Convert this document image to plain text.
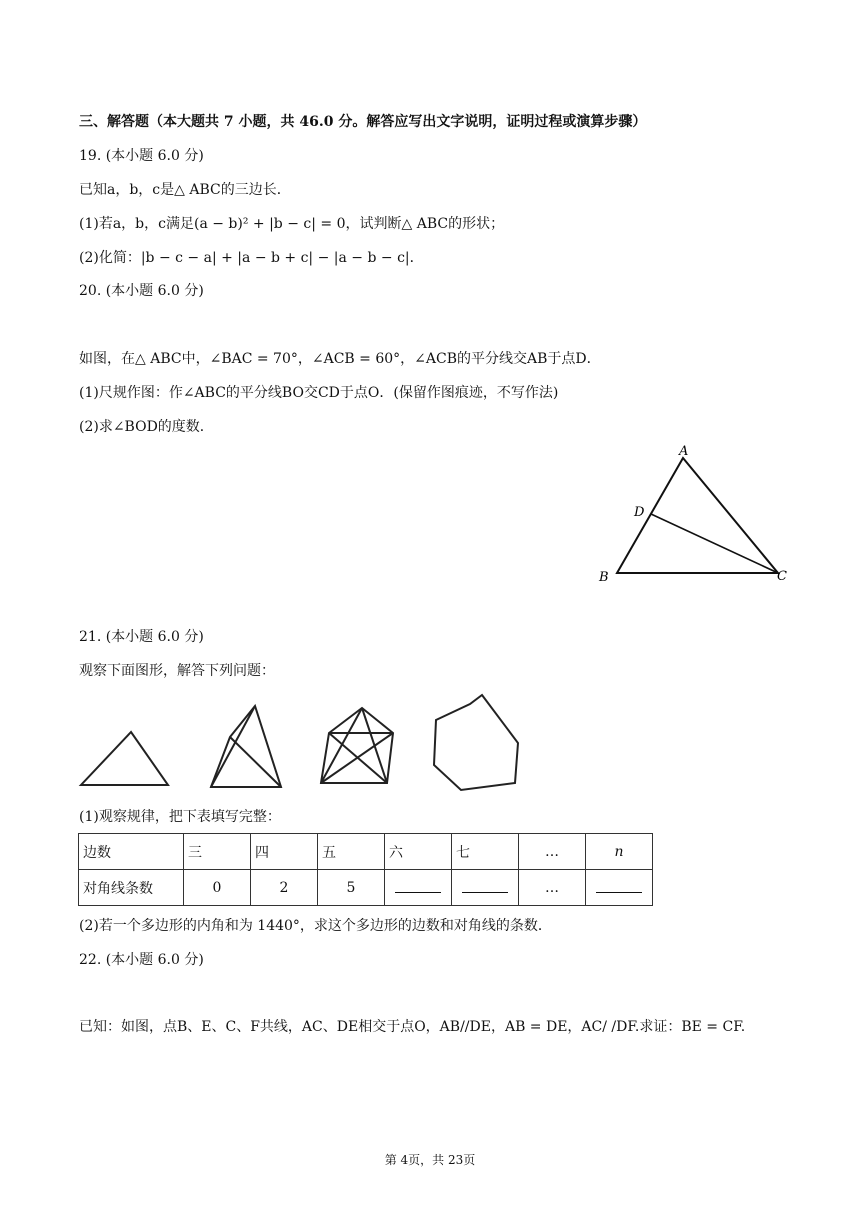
三、解答题（本大题共 7 小题，共 46.0 分。解答应写出文字说明，证明过程或演算步骤）
19. (本小题 6.0 分)
已知a，b，c是△ ABC的三边长．
(1)若a，b，c满足(a − b)² + |b − c| = 0，试判断△ ABC的形状；
(2)化简：|b − c − a| + |a − b + c| − |a − b − c|．
20. (本小题 6.0 分)
如图，在△ ABC中，∠BAC = 70°，∠ACB = 60°，∠ACB的平分线交AB于点D．
(1)尺规作图：作∠ABC的平分线BO交CD于点O．(保留作图痕迹，不写作法)
(2)求∠BOD的度数．
A
D
B	C
21. (本小题 6.0 分)
观察下面图形，解答下列问题：
(1)观察规律，把下表填写完整：
边数	三	四	五	六	七	…	n
对角线条数	0	2	5			…	
(2)若一个多边形的内角和为 1440°，求这个多边形的边数和对角线的条数．
22. (本小题 6.0 分)
已知：如图，点B、E、C、F共线，AC、DE相交于点O，AB//DE，AB = DE，AC/ /DF.求证：BE = CF.
第 4页，共 23页
